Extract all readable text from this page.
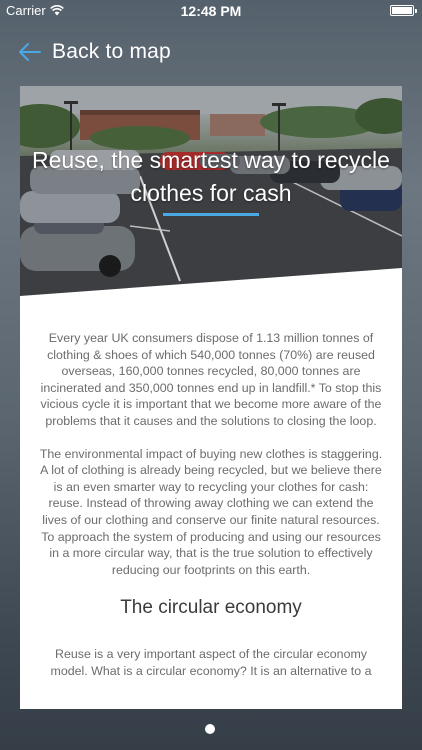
Carrier	12:48 PM
Back to map
Reuse, the smartest way to recycle clothes for cash

Every year UK consumers dispose of 1.13 million tonnes of clothing & shoes of which 540,000 tonnes (70%) are reused overseas, 160,000 tonnes recycled, 80,000 tonnes are incinerated and 350,000 tonnes end up in landfill.* To stop this vicious cycle it is important that we become more aware of the problems that it causes and the solutions to closing the loop.

The environmental impact of buying new clothes is staggering. A lot of clothing is already being recycled, but we believe there is an even smarter way to recycling your clothes for cash: reuse. Instead of throwing away clothing we can extend the lives of our clothing and conserve our finite natural resources. To approach the system of producing and using our resources in a more circular way, that is the true solution to effectively reducing our footprints on this earth.

The circular economy

Reuse is a very important aspect of the circular economy model. What is a circular economy? It is an alternative to a
